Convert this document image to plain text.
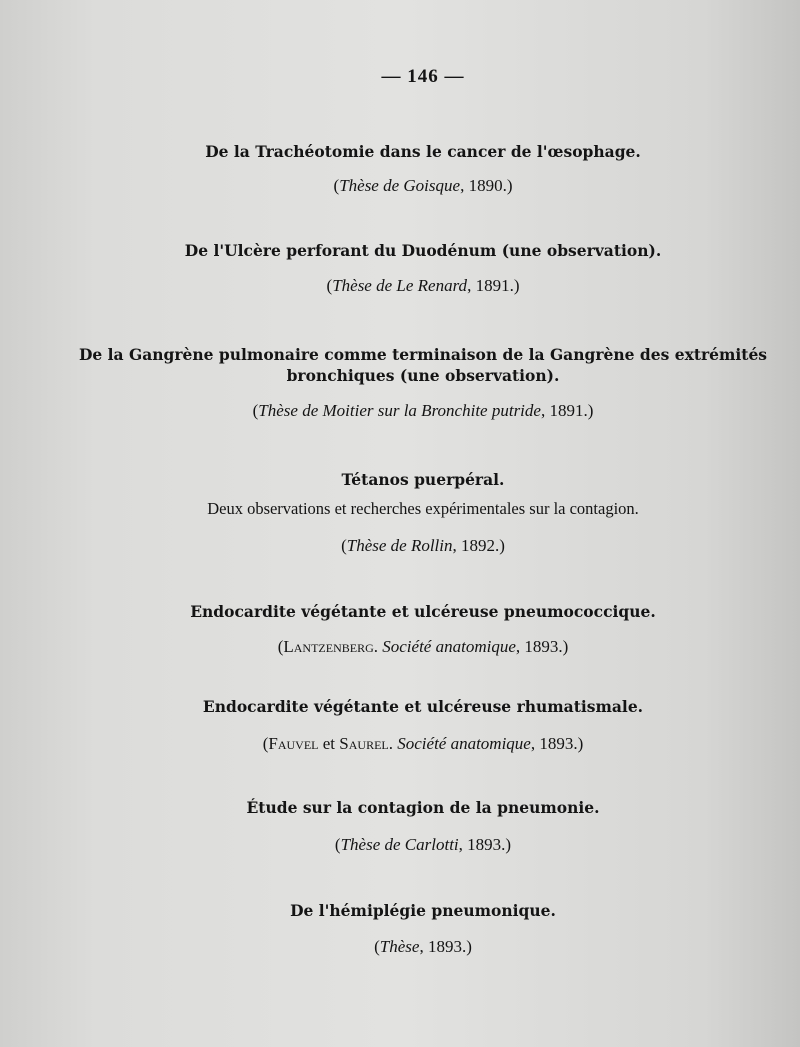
— 146 —
De la Trachéotomie dans le cancer de l'œsophage.
(Thèse de Goisque, 1890.)
De l'Ulcère perforant du Duodénum (une observation).
(Thèse de Le Renard, 1891.)
De la Gangrène pulmonaire comme terminaison de la Gangrène des extrémités
bronchiques (une observation).
(Thèse de Moitier sur la Bronchite putride, 1891.)
Tétanos puerpéral.
Deux observations et recherches expérimentales sur la contagion.
(Thèse de Rollin, 1892.)
Endocardite végétante et ulcéreuse pneumococcique.
(Lantzenberg. Société anatomique, 1893.)
Endocardite végétante et ulcéreuse rhumatismale.
(Fauvel et Saurel. Société anatomique, 1893.)
Étude sur la contagion de la pneumonie.
(Thèse de Carlotti, 1893.)
De l'hémiplégie pneumonique.
(Thèse, 1893.)
